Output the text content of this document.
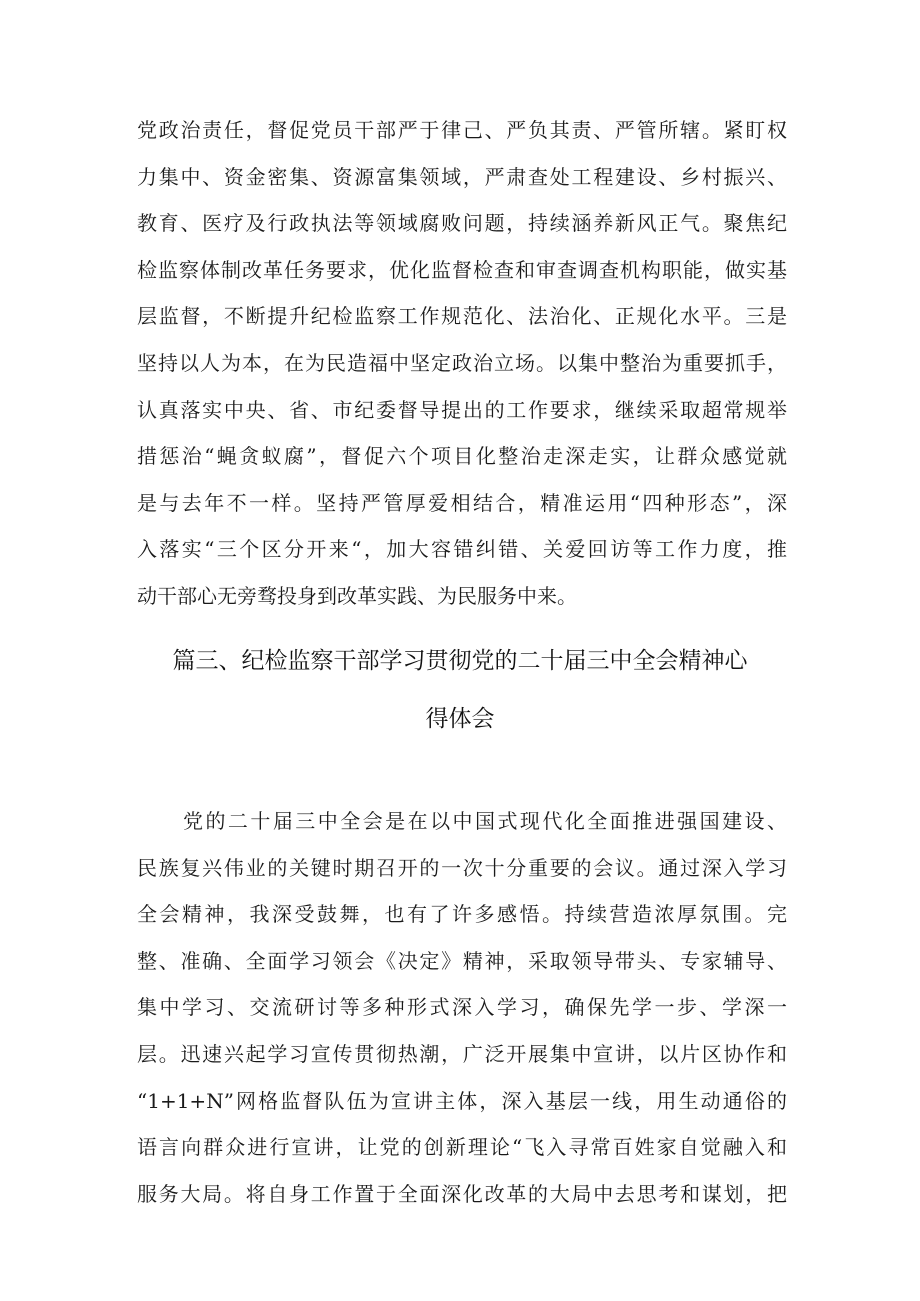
党政治责任，督促党员干部严于律己、严负其责、严管所辖。紧盯权
力集中、资金密集、资源富集领域，严肃查处工程建设、乡村振兴、
教育、医疗及行政执法等领域腐败问题，持续涵养新风正气。聚焦纪
检监察体制改革任务要求，优化监督检查和审查调查机构职能，做实基
层监督，不断提升纪检监察工作规范化、法治化、正规化水平。三是
坚持以人为本，在为民造福中坚定政治立场。以集中整治为重要抓手，
认真落实中央、省、市纪委督导提出的工作要求，继续采取超常规举
措惩治“蝇贪蚁腐”，督促六个项目化整治走深走实，让群众感觉就
是与去年不一样。坚持严管厚爱相结合，精准运用“四种形态”，深
入落实“三个区分开来“，加大容错纠错、关爱回访等工作力度，推
动干部心无旁骛投身到改革实践、为民服务中来。
篇三、纪检监察干部学习贯彻党的二十届三中全会精神心
得体会
党的二十届三中全会是在以中国式现代化全面推进强国建设、
民族复兴伟业的关键时期召开的一次十分重要的会议。通过深入学习
全会精神，我深受鼓舞，也有了许多感悟。持续营造浓厚氛围。完
整、准确、全面学习领会《决定》精神，采取领导带头、专家辅导、
集中学习、交流研讨等多种形式深入学习，确保先学一步、学深一
层。迅速兴起学习宣传贯彻热潮，广泛开展集中宣讲，以片区协作和
“1+1+N”网格监督队伍为宣讲主体，深入基层一线，用生动通俗的
语言向群众进行宣讲，让党的创新理论“飞入寻常百姓家自觉融入和
服务大局。将自身工作置于全面深化改革的大局中去思考和谋划，把
